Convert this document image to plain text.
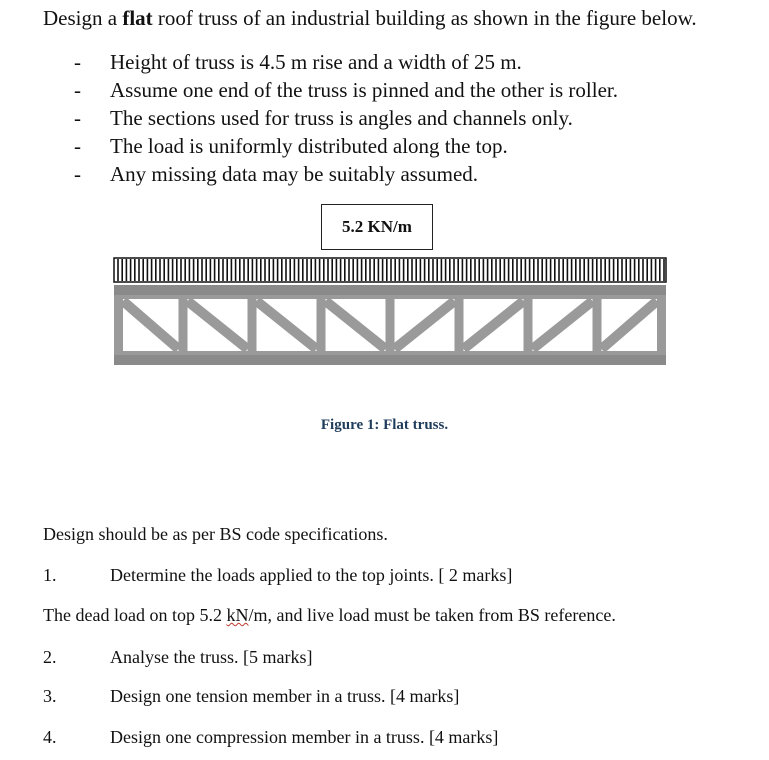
Design a flat roof truss of an industrial building as shown in the figure below.
- Height of truss is 4.5 m rise and a width of 25 m.
- Assume one end of the truss is pinned and the other is roller.
- The sections used for truss is angles and channels only.
- The load is uniformly distributed along the top.
- Any missing data may be suitably assumed.
5.2 KN/m
Figure 1: Flat truss.
Design should be as per BS code specifications.
1.	Determine the loads applied to the top joints. [ 2 marks]
The dead load on top 5.2 kN/m, and live load must be taken from BS reference.
2.	Analyse the truss. [5 marks]
3.	Design one tension member in a truss. [4 marks]
4.	Design one compression member in a truss. [4 marks]
